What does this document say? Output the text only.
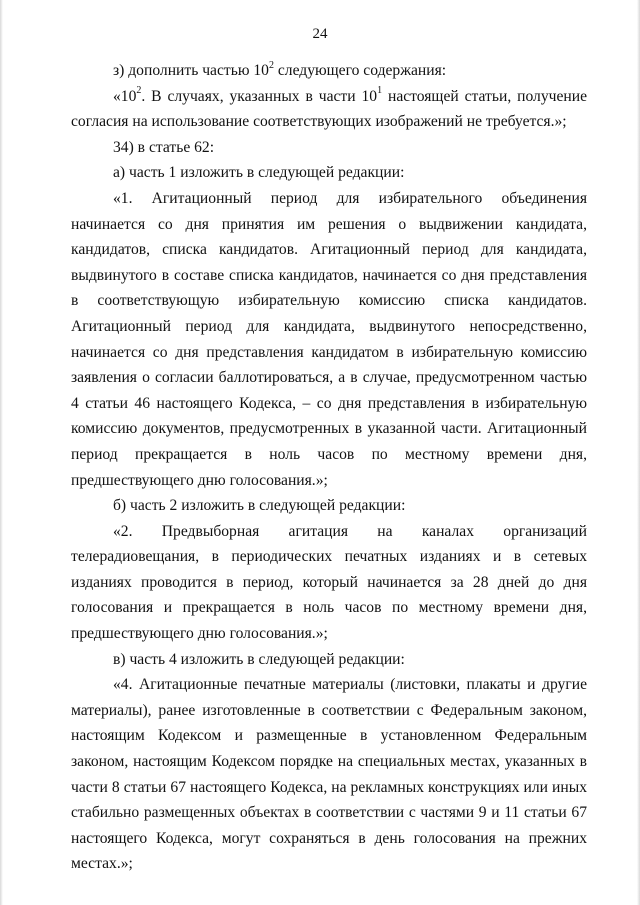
24

з) дополнить частью $10^2$ следующего содержания:

«$10^2$. В случаях, указанных в части $10^1$ настоящей статьи, получение согласия на использование соответствующих изображений не требуется.»;

34) в статье 62:

а) часть 1 изложить в следующей редакции:

«1. Агитационный период для избирательного объединения начинается со дня принятия им решения о выдвижении кандидата, кандидатов, списка кандидатов. Агитационный период для кандидата, выдвинутого в составе списка кандидатов, начинается со дня представления в соответствующую избирательную комиссию списка кандидатов. Агитационный период для кандидата, выдвинутого непосредственно, начинается со дня представления кандидатом в избирательную комиссию заявления о согласии баллотироваться, а в случае, предусмотренном частью 4 статьи 46 настоящего Кодекса, – со дня представления в избирательную комиссию документов, предусмотренных в указанной части. Агитационный период прекращается в ноль часов по местному времени дня, предшествующего дню голосования.»;

б) часть 2 изложить в следующей редакции:

«2. Предвыборная агитация на каналах организаций телерадиовещания, в периодических печатных изданиях и в сетевых изданиях проводится в период, который начинается за 28 дней до дня голосования и прекращается в ноль часов по местному времени дня, предшествующего дню голосования.»;

в) часть 4 изложить в следующей редакции:

«4. Агитационные печатные материалы (листовки, плакаты и другие материалы), ранее изготовленные в соответствии с Федеральным законом, настоящим Кодексом и размещенные в установленном Федеральным законом, настоящим Кодексом порядке на специальных местах, указанных в части 8 статьи 67 настоящего Кодекса, на рекламных конструкциях или иных стабильно размещенных объектах в соответствии с частями 9 и 11 статьи 67 настоящего Кодекса, могут сохраняться в день голосования на прежних местах.»;
